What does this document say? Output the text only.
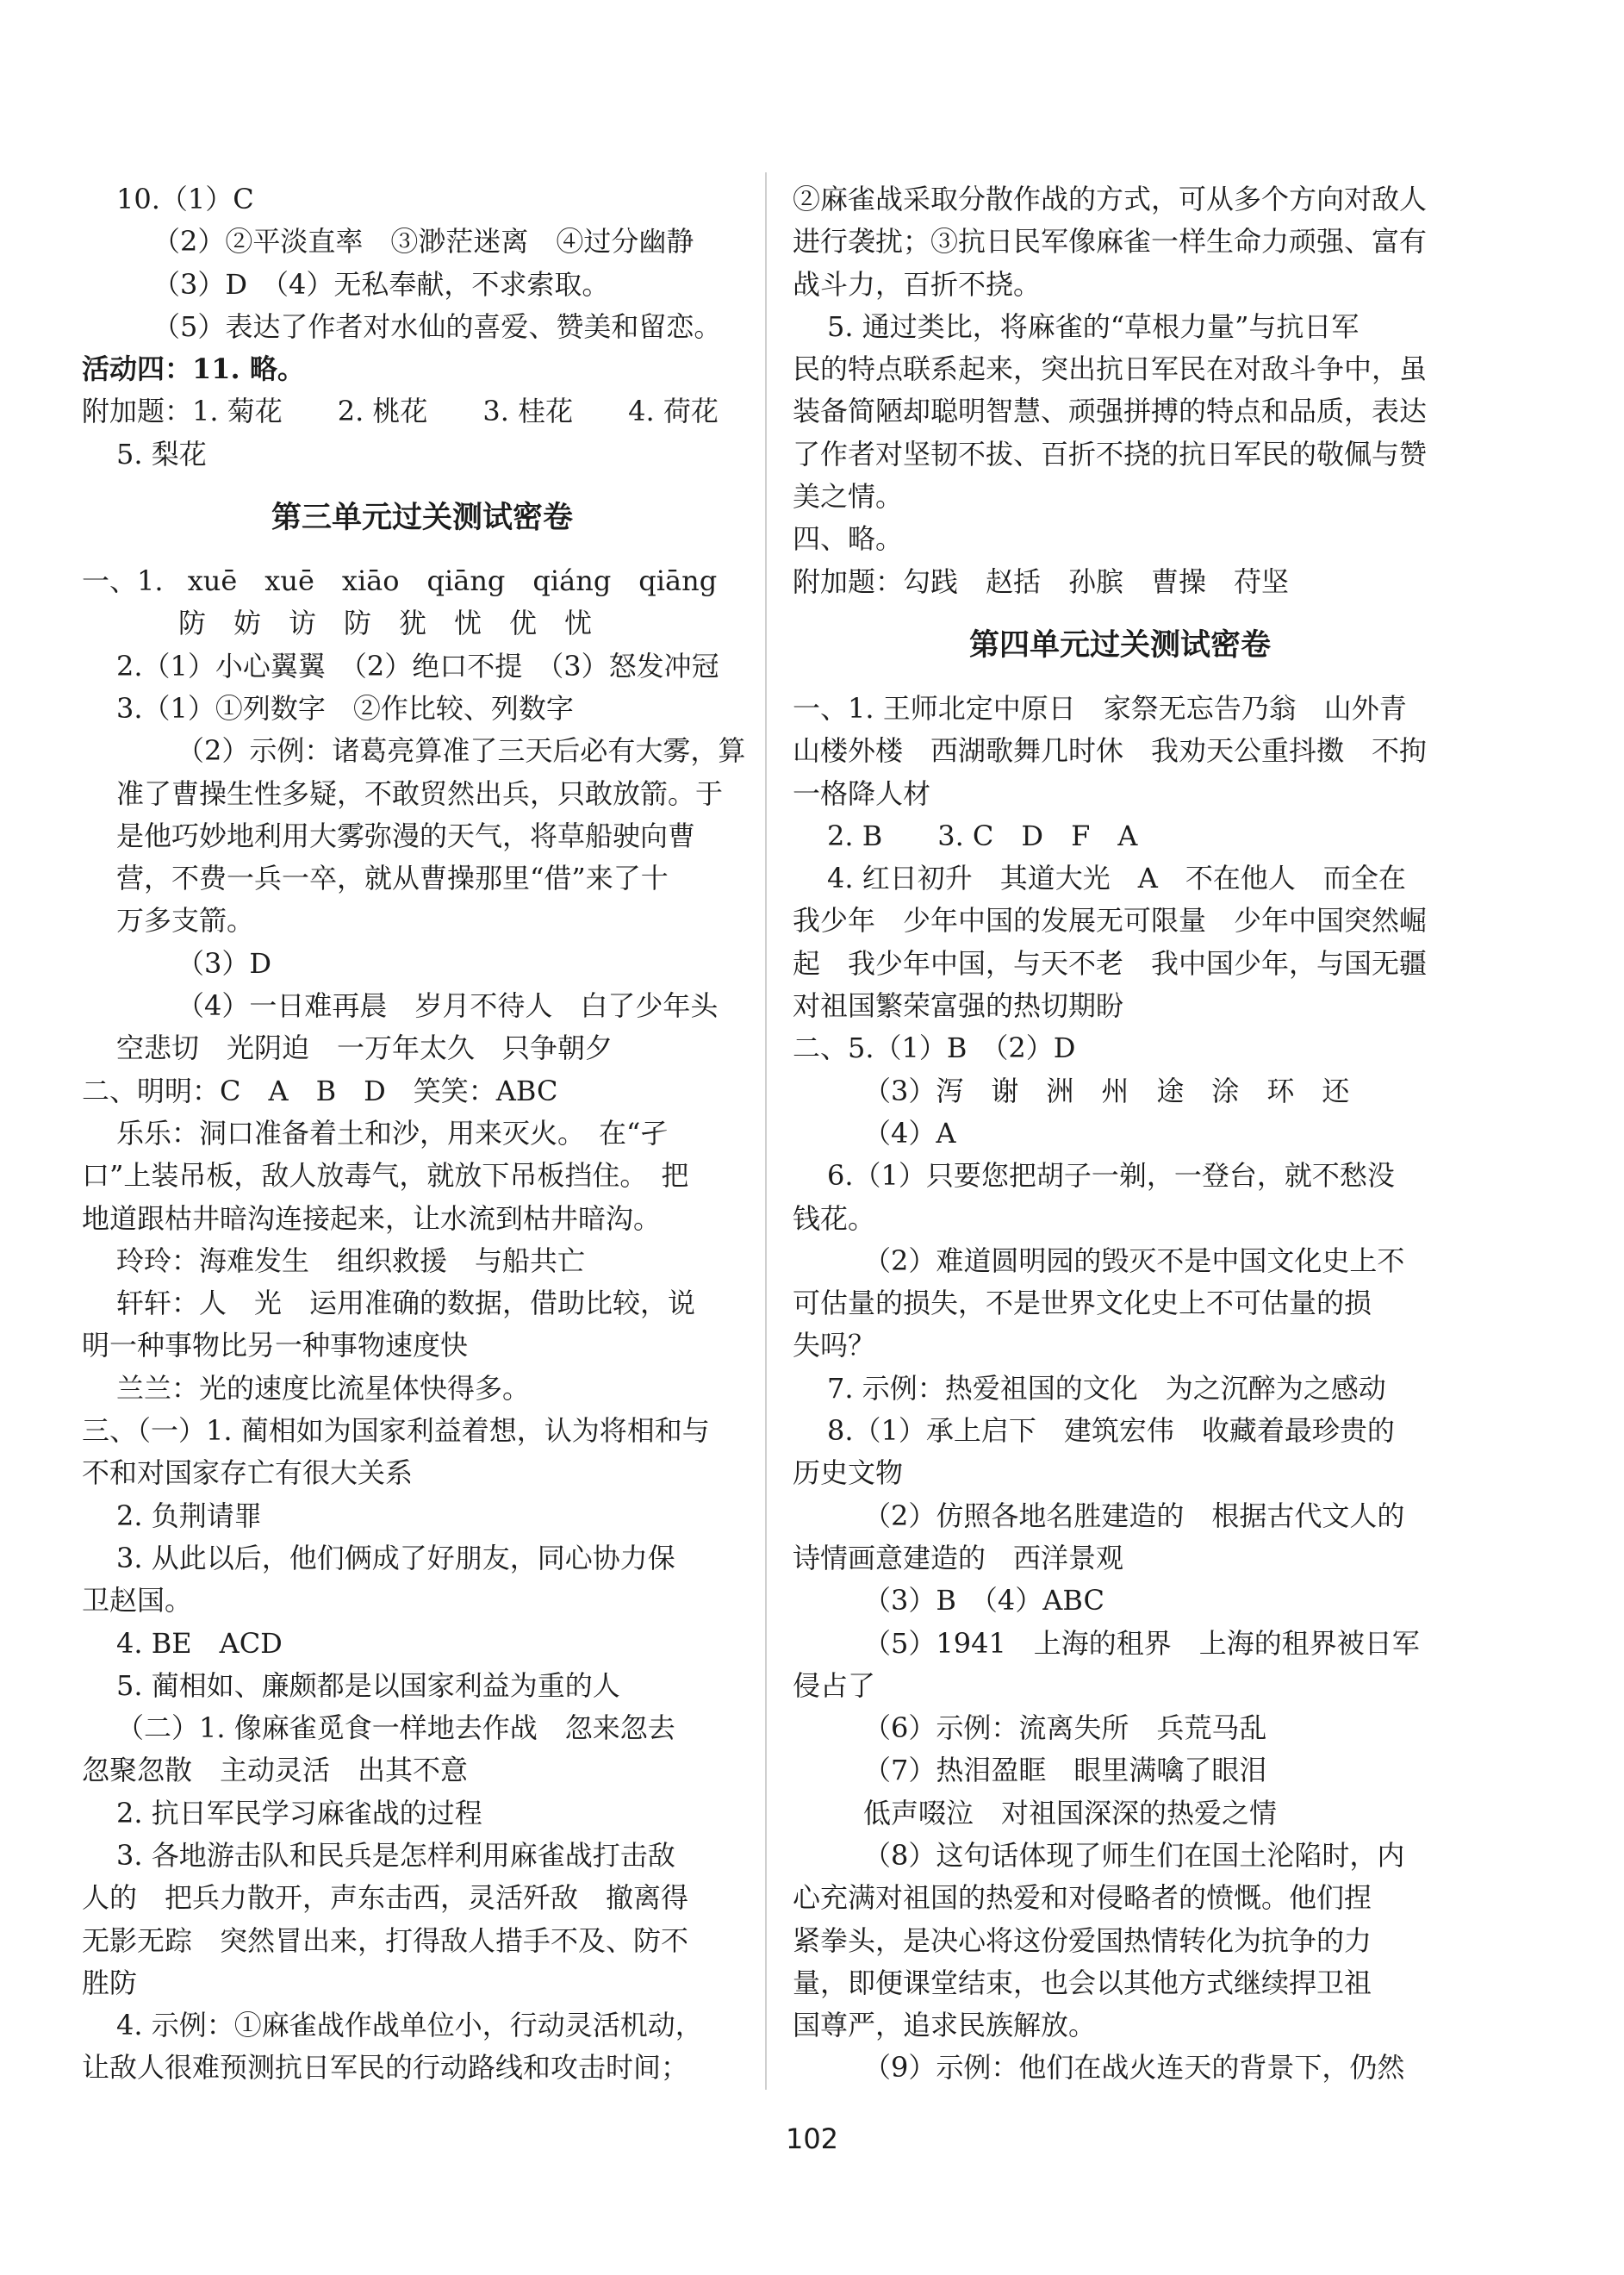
10.（1）C
（2）②平淡直率　③渺茫迷离　④过分幽静
（3）D　（4）无私奉献，不求索取。
（5）表达了作者对水仙的喜爱、赞美和留恋。
活动四：11. 略。
附加题：1. 菊花　　2. 桃花　　3. 桂花　　4. 荷花
5. 梨花
第三单元过关测试密卷
一、1. xuē　xuē　xiāo　qiāng　qiáng　qiāng
防　妨　访　防　犹　忧　优　忧
2.（1）小心翼翼　（2）绝口不提　（3）怒发冲冠
3.（1）①列数字　②作比较、列数字
（2）示例：诸葛亮算准了三天后必有大雾，算
准了曹操生性多疑，不敢贸然出兵，只敢放箭。于
是他巧妙地利用大雾弥漫的天气，将草船驶向曹
营，不费一兵一卒，就从曹操那里“借”来了十
万多支箭。
（3）D
（4）一日难再晨　岁月不待人　白了少年头
空悲切　光阴迫　一万年太久　只争朝夕
二、明明：C　A　B　D　笑笑：ABC
乐乐：洞口准备着土和沙，用来灭火。　在“孑
口”上装吊板，敌人放毒气，就放下吊板挡住。　把
地道跟枯井暗沟连接起来，让水流到枯井暗沟。
玲玲：海难发生　组织救援　与船共亡
轩轩：人　光　运用准确的数据，借助比较，说
明一种事物比另一种事物速度快
兰兰：光的速度比流星体快得多。
三、（一）1. 蔺相如为国家利益着想，认为将相和与
不和对国家存亡有很大关系
2. 负荆请罪
3. 从此以后，他们俩成了好朋友，同心协力保
卫赵国。
4. BE　ACD
5. 蔺相如、廉颇都是以国家利益为重的人
（二）1. 像麻雀觅食一样地去作战　忽来忽去
忽聚忽散　主动灵活　出其不意
2. 抗日军民学习麻雀战的过程
3. 各地游击队和民兵是怎样利用麻雀战打击敌
人的　把兵力散开，声东击西，灵活歼敌　撤离得
无影无踪　突然冒出来，打得敌人措手不及、防不
胜防
4. 示例：①麻雀战作战单位小，行动灵活机动，
让敌人很难预测抗日军民的行动路线和攻击时间；
②麻雀战采取分散作战的方式，可从多个方向对敌人
进行袭扰；③抗日民军像麻雀一样生命力顽强、富有
战斗力，百折不挠。
5. 通过类比，将麻雀的“草根力量”与抗日军
民的特点联系起来，突出抗日军民在对敌斗争中，虽
装备简陋却聪明智慧、顽强拼搏的特点和品质，表达
了作者对坚韧不拔、百折不挠的抗日军民的敬佩与赞
美之情。
四、略。
附加题：勾践　赵括　孙膑　曹操　苻坚
第四单元过关测试密卷
一、1. 王师北定中原日　家祭无忘告乃翁　山外青
山楼外楼　西湖歌舞几时休　我劝天公重抖擞　不拘
一格降人材
2. B　　3. C　D　F　A
4. 红日初升　其道大光　A　不在他人　而全在
我少年　少年中国的发展无可限量　少年中国突然崛
起　我少年中国，与天不老　我中国少年，与国无疆
对祖国繁荣富强的热切期盼
二、5.（1）B　（2）D
（3）泻　谢　洲　州　途　涂　环　还
（4）A
6.（1）只要您把胡子一剃，一登台，就不愁没
钱花。
（2）难道圆明园的毁灭不是中国文化史上不
可估量的损失，不是世界文化史上不可估量的损
失吗？
7. 示例：热爱祖国的文化　为之沉醉为之感动
8.（1）承上启下　建筑宏伟　收藏着最珍贵的
历史文物
（2）仿照各地名胜建造的　根据古代文人的
诗情画意建造的　西洋景观
（3）B　（4）ABC
（5）1941　上海的租界　上海的租界被日军
侵占了
（6）示例：流离失所　兵荒马乱
（7）热泪盈眶　眼里满噙了眼泪
低声啜泣　对祖国深深的热爱之情
（8）这句话体现了师生们在国土沦陷时，内
心充满对祖国的热爱和对侵略者的愤慨。他们捏
紧拳头，是决心将这份爱国热情转化为抗争的力
量，即便课堂结束，也会以其他方式继续捍卫祖
国尊严，追求民族解放。
（9）示例：他们在战火连天的背景下，仍然
102
